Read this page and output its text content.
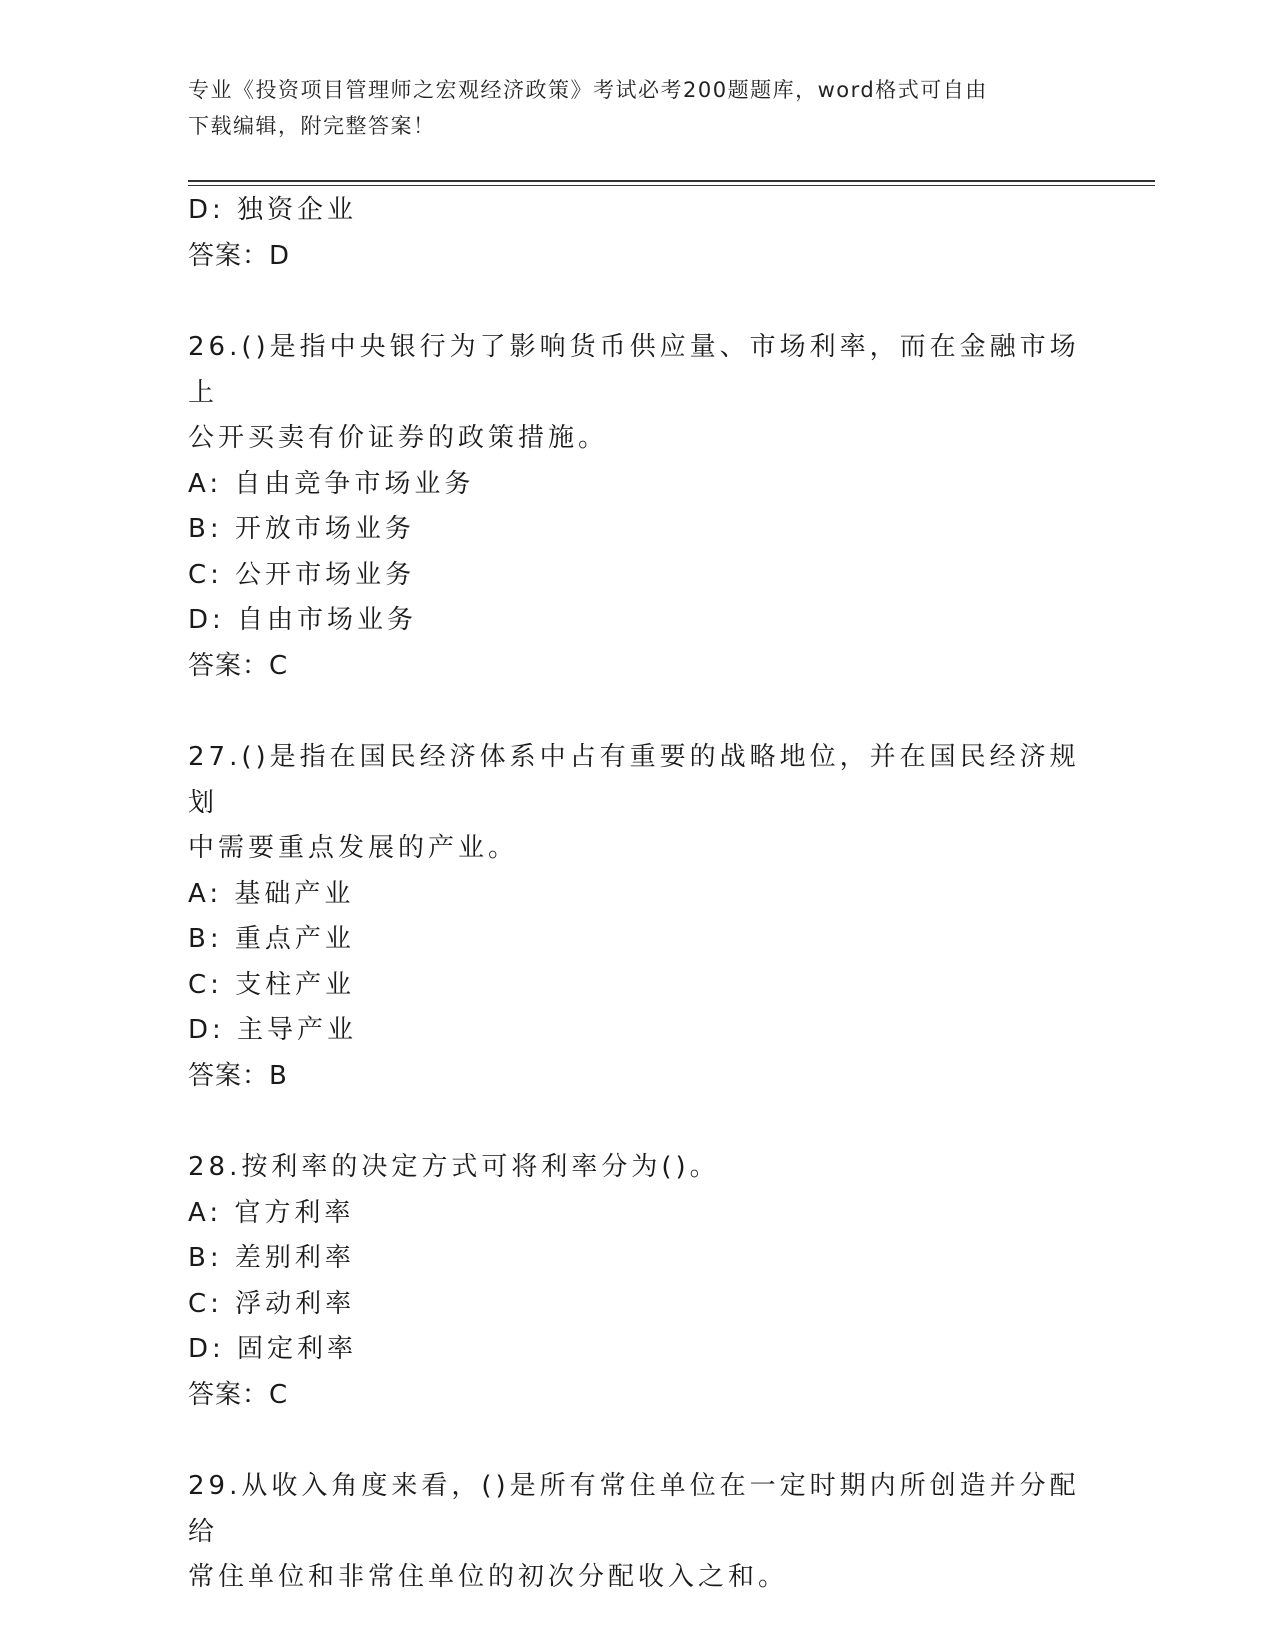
专业《投资项目管理师之宏观经济政策》考试必考200题题库，word格式可自由
下载编辑，附完整答案！
D: 独资企业
答案：D
26.()是指中央银行为了影响货币供应量、市场利率，而在金融市场上
公开买卖有价证券的政策措施。
A: 自由竞争市场业务
B: 开放市场业务
C: 公开市场业务
D: 自由市场业务
答案：C
27.()是指在国民经济体系中占有重要的战略地位，并在国民经济规划
中需要重点发展的产业。
A: 基础产业
B: 重点产业
C: 支柱产业
D: 主导产业
答案：B
28.按利率的决定方式可将利率分为()。
A: 官方利率
B: 差别利率
C: 浮动利率
D: 固定利率
答案：C
29.从收入角度来看，()是所有常住单位在一定时期内所创造并分配给
常住单位和非常住单位的初次分配收入之和。
